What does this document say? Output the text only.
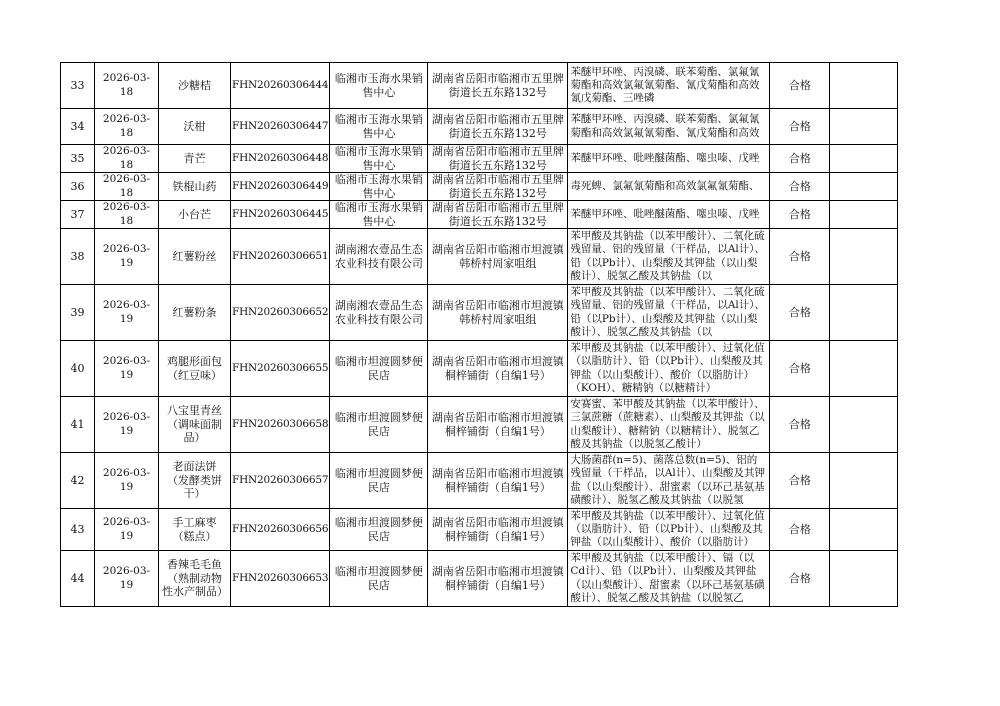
33	2026-03-18	沙糖桔	FHN20260306444	临湘市玉海水果销售中心	湖南省岳阳市临湘市五里牌街道长五东路132号	苯醚甲环唑、丙溴磷、联苯菊酯、氯氟氰菊酯和高效氯氟氰菊酯、氰戊菊酯和高效氰戊菊酯、三唑磷	合格	
34	2026-03-18	沃柑	FHN20260306447	临湘市玉海水果销售中心	湖南省岳阳市临湘市五里牌街道长五东路132号	苯醚甲环唑、丙溴磷、联苯菊酯、氯氟氰菊酯和高效氯氟氰菊酯、氰戊菊酯和高效	合格	
35	2026-03-18	青芒	FHN20260306448	临湘市玉海水果销售中心	湖南省岳阳市临湘市五里牌街道长五东路132号	苯醚甲环唑、吡唑醚菌酯、噻虫嗪、戊唑	合格	
36	2026-03-18	铁棍山药	FHN20260306449	临湘市玉海水果销售中心	湖南省岳阳市临湘市五里牌街道长五东路132号	毒死蜱、氯氟氰菊酯和高效氯氟氰菊酯、	合格	
37	2026-03-18	小台芒	FHN20260306445	临湘市玉海水果销售中心	湖南省岳阳市临湘市五里牌街道长五东路132号	苯醚甲环唑、吡唑醚菌酯、噻虫嗪、戊唑	合格	
38	2026-03-19	红薯粉丝	FHN20260306651	湖南湘农壹品生态农业科技有限公司	湖南省岳阳市临湘市坦渡镇韩桥村周家咀组	苯甲酸及其钠盐（以苯甲酸计）、二氧化硫残留量、铝的残留量（干样品，以Al计）、铅（以Pb计）、山梨酸及其钾盐（以山梨酸计）、脱氢乙酸及其钠盐（以	合格	
39	2026-03-19	红薯粉条	FHN20260306652	湖南湘农壹品生态农业科技有限公司	湖南省岳阳市临湘市坦渡镇韩桥村周家咀组	苯甲酸及其钠盐（以苯甲酸计）、二氧化硫残留量、铝的残留量（干样品，以Al计）、铅（以Pb计）、山梨酸及其钾盐（以山梨酸计）、脱氢乙酸及其钠盐（以	合格	
40	2026-03-19	鸡腿形面包（红豆味）	FHN20260306655	临湘市坦渡圆梦便民店	湖南省岳阳市临湘市坦渡镇桐梓铺街（自编1号）	苯甲酸及其钠盐（以苯甲酸计）、过氧化值（以脂肪计）、铅（以Pb计）、山梨酸及其钾盐（以山梨酸计）、酸价（以脂肪计）（KOH）、糖精钠（以糖精计）	合格	
41	2026-03-19	八宝里青丝（调味面制品）	FHN20260306658	临湘市坦渡圆梦便民店	湖南省岳阳市临湘市坦渡镇桐梓铺街（自编1号）	安赛蜜、苯甲酸及其钠盐（以苯甲酸计）、三氯蔗糖（蔗糖素）、山梨酸及其钾盐（以山梨酸计）、糖精钠（以糖精计）、脱氢乙酸及其钠盐（以脱氢乙酸计）	合格	
42	2026-03-19	老面法饼（发酵类饼干）	FHN20260306657	临湘市坦渡圆梦便民店	湖南省岳阳市临湘市坦渡镇桐梓铺街（自编1号）	大肠菌群(n=5)、菌落总数(n=5)、铝的残留量（干样品，以Al计）、山梨酸及其钾盐（以山梨酸计）、甜蜜素（以环己基氨基磺酸计）、脱氢乙酸及其钠盐（以脱氢	合格	
43	2026-03-19	手工麻枣（糕点）	FHN20260306656	临湘市坦渡圆梦便民店	湖南省岳阳市临湘市坦渡镇桐梓铺街（自编1号）	苯甲酸及其钠盐（以苯甲酸计）、过氧化值（以脂肪计）、铅（以Pb计）、山梨酸及其钾盐（以山梨酸计）、酸价（以脂肪计）	合格	
44	2026-03-19	香辣毛毛鱼（熟制动物性水产制品）	FHN20260306653	临湘市坦渡圆梦便民店	湖南省岳阳市临湘市坦渡镇桐梓铺街（自编1号）	苯甲酸及其钠盐（以苯甲酸计）、镉（以Cd计）、铅（以Pb计）、山梨酸及其钾盐（以山梨酸计）、甜蜜素（以环己基氨基磺酸计）、脱氢乙酸及其钠盐（以脱氢乙	合格	
